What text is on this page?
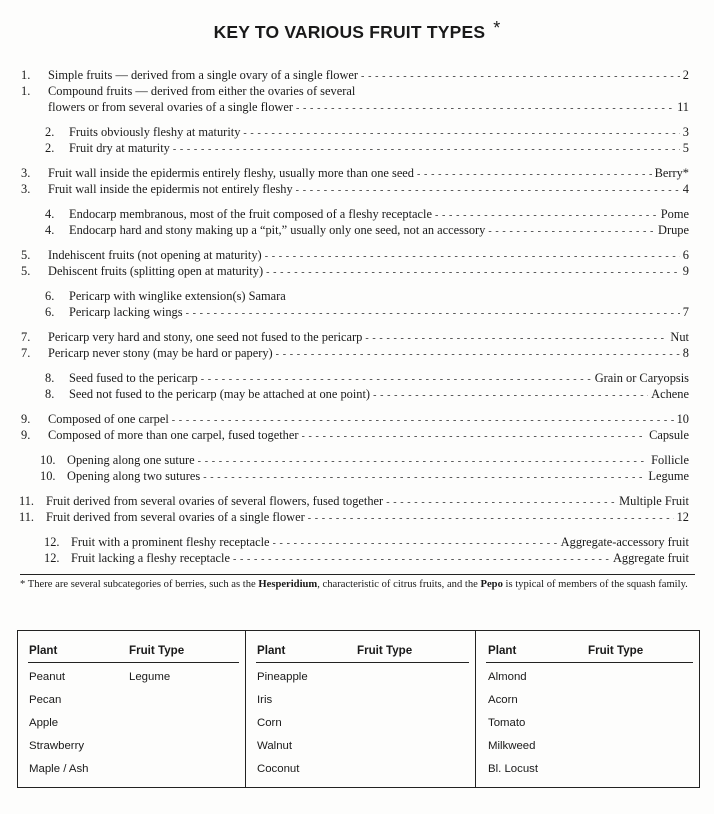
KEY TO VARIOUS FRUIT TYPES *
1.	Simple fruits — derived from a single ovary of a single flower - - -	2
1.	Compound fruits — derived from either the ovaries of several
flowers or from several ovaries of a single flower - - -	11
2.	Fruits obviously fleshy at maturity - - -	3
2.	Fruit dry at maturity - - -	5
3.	Fruit wall inside the epidermis entirely fleshy, usually more than one seed - - -	Berry*
3.	Fruit wall inside the epidermis not entirely fleshy - - -	4
4.	Endocarp membranous, most of the fruit composed of a fleshy receptacle - - -	Pome
4.	Endocarp hard and stony making up a “pit,” usually only one seed, not an accessory - - -	Drupe
5.	Indehiscent fruits (not opening at maturity) - - -	6
5.	Dehiscent fruits (splitting open at maturity) - - -	9
6.	Pericarp with winglike extension(s) Samara
6.	Pericarp lacking wings - - -	7
7.	Pericarp very hard and stony, one seed not fused to the pericarp - - -	Nut
7.	Pericarp never stony (may be hard or papery) - - -	8
8.	Seed fused to the pericarp - - -	Grain or Caryopsis
8.	Seed not fused to the pericarp (may be attached at one point) - - -	Achene
9.	Composed of one carpel - - -	10
9.	Composed of more than one carpel, fused together - - -	Capsule
10. Opening along one suture - - -	Follicle
10. Opening along two sutures - - -	Legume
11. Fruit derived from several ovaries of several flowers, fused together - - -	Multiple Fruit
11. Fruit derived from several ovaries of a single flower - - -	12
12. Fruit with a prominent fleshy receptacle - - -	Aggregate-accessory fruit
12. Fruit lacking a fleshy receptacle - - -	Aggregate fruit
* There are several subcategories of berries, such as the Hesperidium, characteristic of citrus fruits, and the Pepo is typical of members of the squash family.
Plant	Fruit Type
Peanut	Legume
Pecan
Apple
Strawberry
Maple / Ash

Plant	Fruit Type
Pineapple
Iris
Corn
Walnut
Coconut

Plant	Fruit Type
Almond
Acorn
Tomato
Milkweed
Bl. Locust
